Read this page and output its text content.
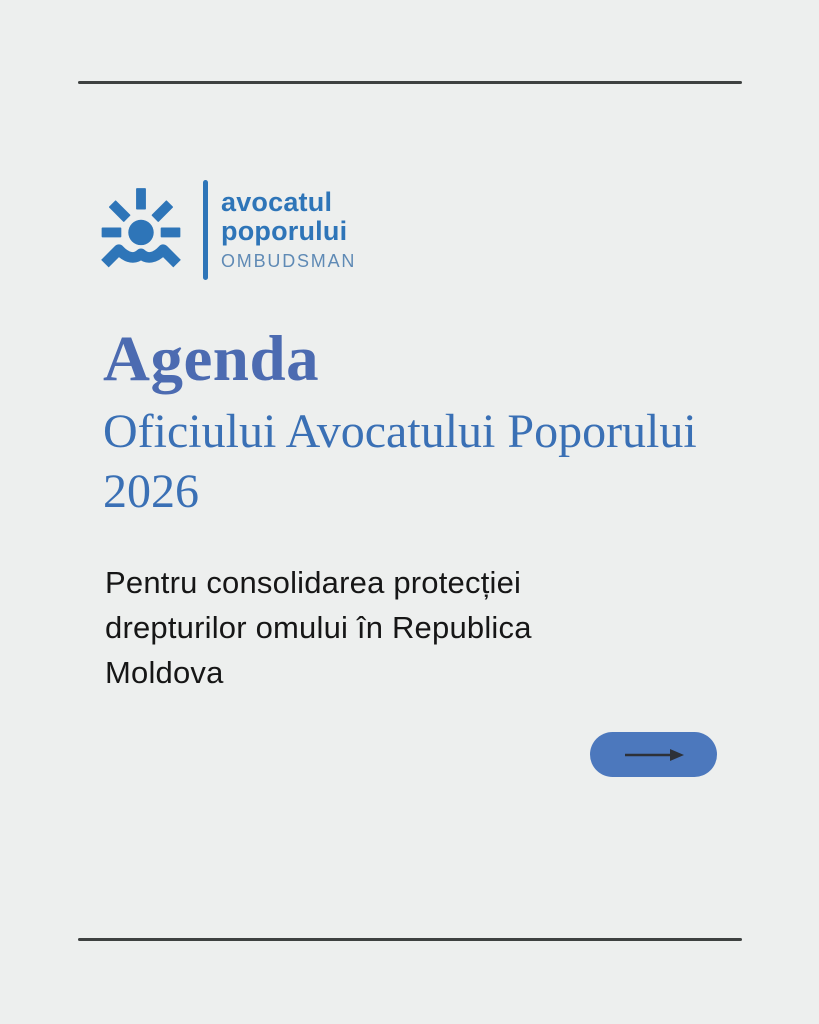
avocatul
poporului
OMBUDSMAN
Agenda
Oficiului Avocatului Poporului
2026
Pentru consolidarea protecției
drepturilor omului în Republica
Moldova
